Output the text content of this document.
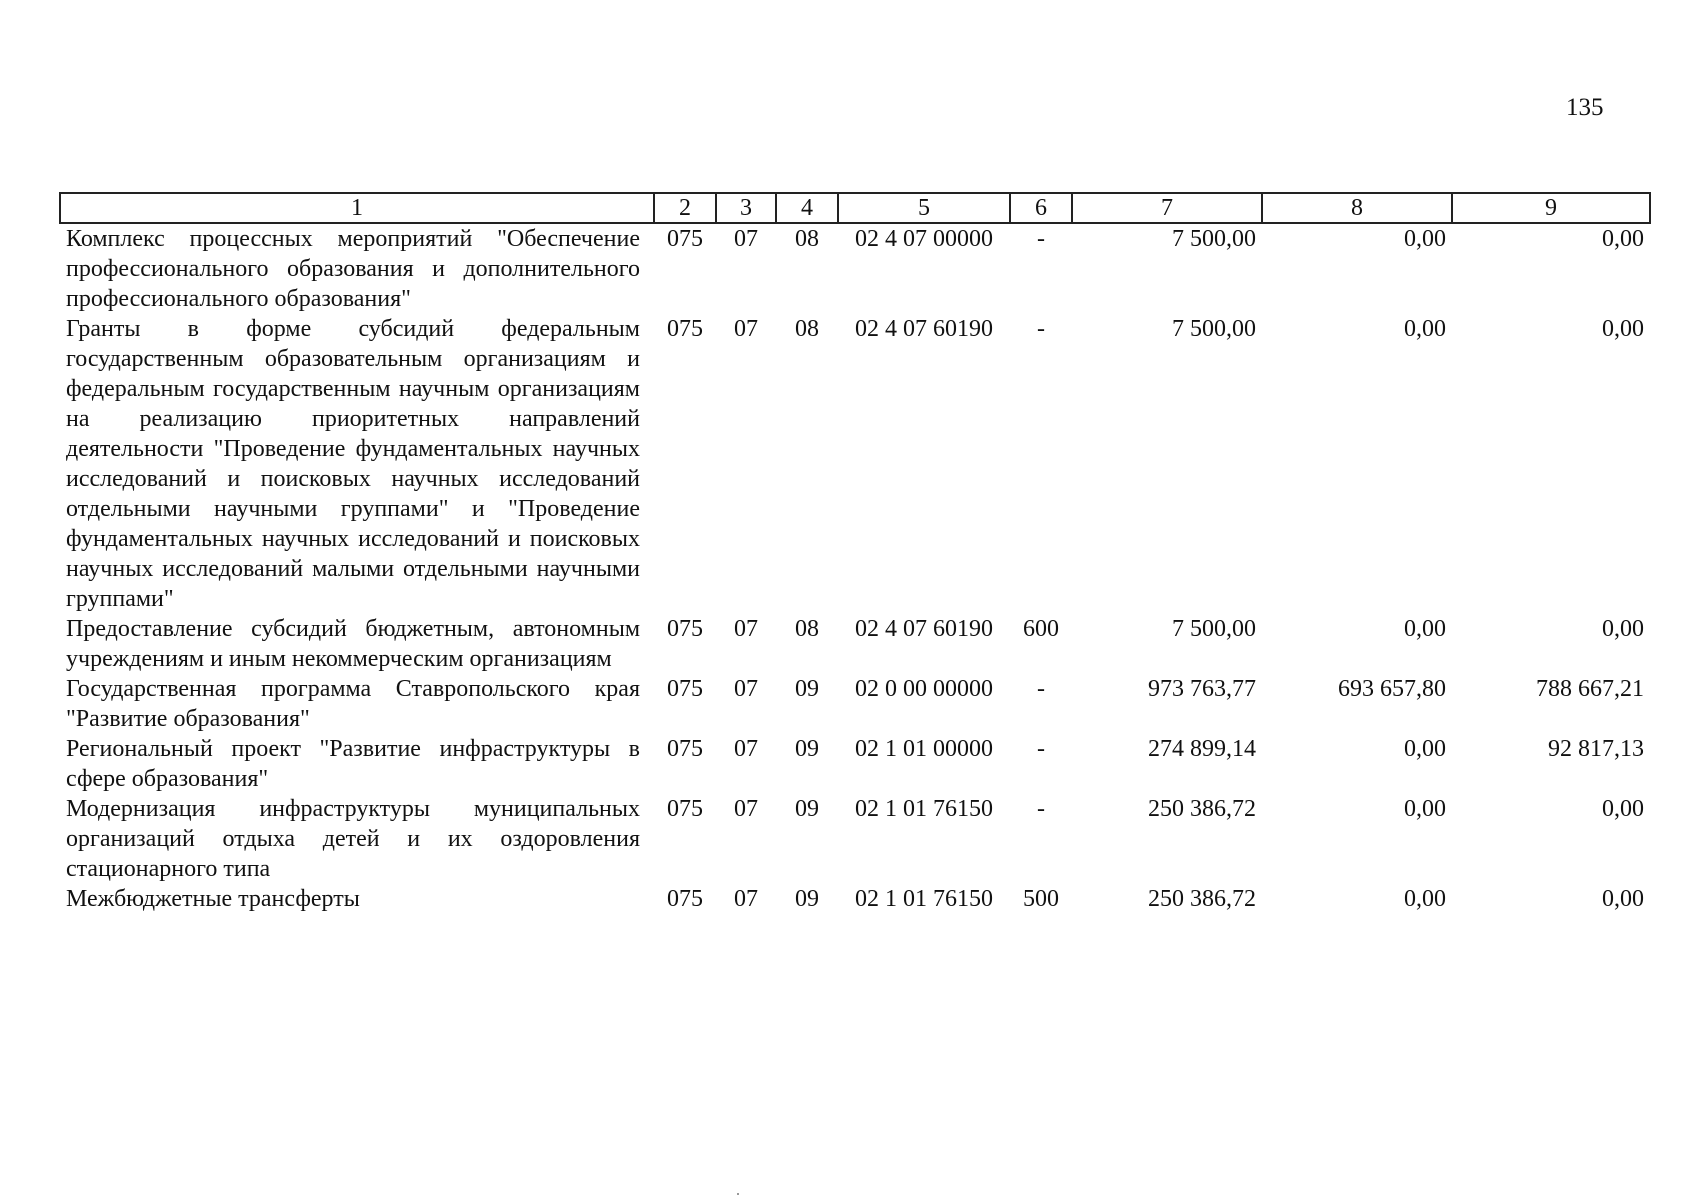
135
1	2	3	4	5	6	7	8	9
Комплекс процессных мероприятий "Обеспечение профессионального образования и дополнительного профессионального образования"	075	07	08	02 4 07 00000	-	7 500,00	0,00	0,00
Гранты в форме субсидий федеральным государственным образовательным организациям и федеральным государственным научным организациям на реализацию приоритетных направлений деятельности "Проведение фундаментальных научных исследований и поисковых научных исследований отдельными научными группами" и "Проведение фундаментальных научных исследований и поисковых научных исследований малыми отдельными научными группами"	075	07	08	02 4 07 60190	-	7 500,00	0,00	0,00
Предоставление субсидий бюджетным, автономным учреждениям и иным некоммерческим организациям	075	07	08	02 4 07 60190	600	7 500,00	0,00	0,00
Государственная программа Ставропольского края "Развитие образования"	075	07	09	02 0 00 00000	-	973 763,77	693 657,80	788 667,21
Региональный проект "Развитие инфраструктуры в сфере образования"	075	07	09	02 1 01 00000	-	274 899,14	0,00	92 817,13
Модернизация инфраструктуры муниципальных организаций отдыха детей и их оздоровления стационарного типа	075	07	09	02 1 01 76150	-	250 386,72	0,00	0,00
Межбюджетные трансферты	075	07	09	02 1 01 76150	500	250 386,72	0,00	0,00
